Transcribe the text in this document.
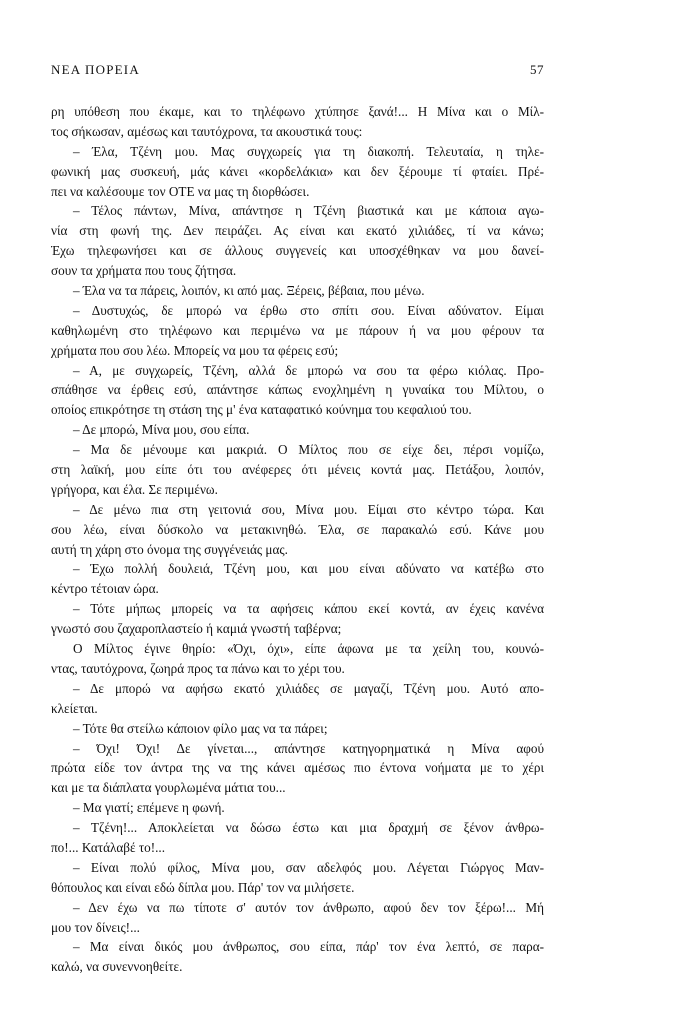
ΝΕΑ ΠΟΡΕΙΑ	57
ρη υπόθεση που έκαμε, και το τηλέφωνο χτύπησε ξανά!... Η Μίνα και ο Μίλ-
τος σήκωσαν, αμέσως και ταυτόχρονα, τα ακουστικά τους:
– Έλα, Τζένη μου. Μας συγχωρείς για τη διακοπή. Τελευταία, η τηλε-
φωνική μας συσκευή, μάς κάνει «κορδελάκια» και δεν ξέρουμε τί φταίει. Πρέ-
πει να καλέσουμε τον ΟΤΕ να μας τη διορθώσει.
– Τέλος πάντων, Μίνα, απάντησε η Τζένη βιαστικά και με κάποια αγω-
νία στη φωνή της. Δεν πειράζει. Ας είναι και εκατό χιλιάδες, τί να κάνω;
Έχω τηλεφωνήσει και σε άλλους συγγενείς και υποσχέθηκαν να μου δανεί-
σουν τα χρήματα που τους ζήτησα.
– Έλα να τα πάρεις, λοιπόν, κι από μας. Ξέρεις, βέβαια, που μένω.
– Δυστυχώς, δε μπορώ να έρθω στο σπίτι σου. Είναι αδύνατον. Είμαι
καθηλωμένη στο τηλέφωνο και περιμένω να με πάρουν ή να μου φέρουν τα
χρήματα που σου λέω. Μπορείς να μου τα φέρεις εσύ;
– Α, με συγχωρείς, Τζένη, αλλά δε μπορώ να σου τα φέρω κιόλας. Προ-
σπάθησε να έρθεις εσύ, απάντησε κάπως ενοχλημένη η γυναίκα του Μίλτου, ο
οποίος επικρότησε τη στάση της μ' ένα καταφατικό κούνημα του κεφαλιού του.
– Δε μπορώ, Μίνα μου, σου είπα.
– Μα δε μένουμε και μακριά. Ο Μίλτος που σε είχε δει, πέρσι νομίζω,
στη λαϊκή, μου είπε ότι του ανέφερες ότι μένεις κοντά μας. Πετάξου, λοιπόν,
γρήγορα, και έλα. Σε περιμένω.
– Δε μένω πια στη γειτονιά σου, Μίνα μου. Είμαι στο κέντρο τώρα. Και
σου λέω, είναι δύσκολο να μετακινηθώ. Έλα, σε παρακαλώ εσύ. Κάνε μου
αυτή τη χάρη στο όνομα της συγγένειάς μας.
– Έχω πολλή δουλειά, Τζένη μου, και μου είναι αδύνατο να κατέβω στο
κέντρο τέτοιαν ώρα.
– Τότε μήπως μπορείς να τα αφήσεις κάπου εκεί κοντά, αν έχεις κανένα
γνωστό σου ζαχαροπλαστείο ή καμιά γνωστή ταβέρνα;
Ο Μίλτος έγινε θηρίο: «Όχι, όχι», είπε άφωνα με τα χείλη του, κουνώ-
ντας, ταυτόχρονα, ζωηρά προς τα πάνω και το χέρι του.
– Δε μπορώ να αφήσω εκατό χιλιάδες σε μαγαζί, Τζένη μου. Αυτό απο-
κλείεται.
– Τότε θα στείλω κάποιον φίλο μας να τα πάρει;
– Όχι! Όχι! Δε γίνεται..., απάντησε κατηγορηματικά η Μίνα αφού
πρώτα είδε τον άντρα της να της κάνει αμέσως πιο έντονα νοήματα με το χέρι
και με τα διάπλατα γουρλωμένα μάτια του...
– Μα γιατί; επέμενε η φωνή.
– Τζένη!... Αποκλείεται να δώσω έστω και μια δραχμή σε ξένον άνθρω-
πο!... Κατάλαβέ το!...
– Είναι πολύ φίλος, Μίνα μου, σαν αδελφός μου. Λέγεται Γιώργος Μαν-
θόπουλος και είναι εδώ δίπλα μου. Πάρ' τον να μιλήσετε.
– Δεν έχω να πω τίποτε σ' αυτόν τον άνθρωπο, αφού δεν τον ξέρω!... Μή
μου τον δίνεις!...
– Μα είναι δικός μου άνθρωπος, σου είπα, πάρ' τον ένα λεπτό, σε παρα-
καλώ, να συνεννοηθείτε.
